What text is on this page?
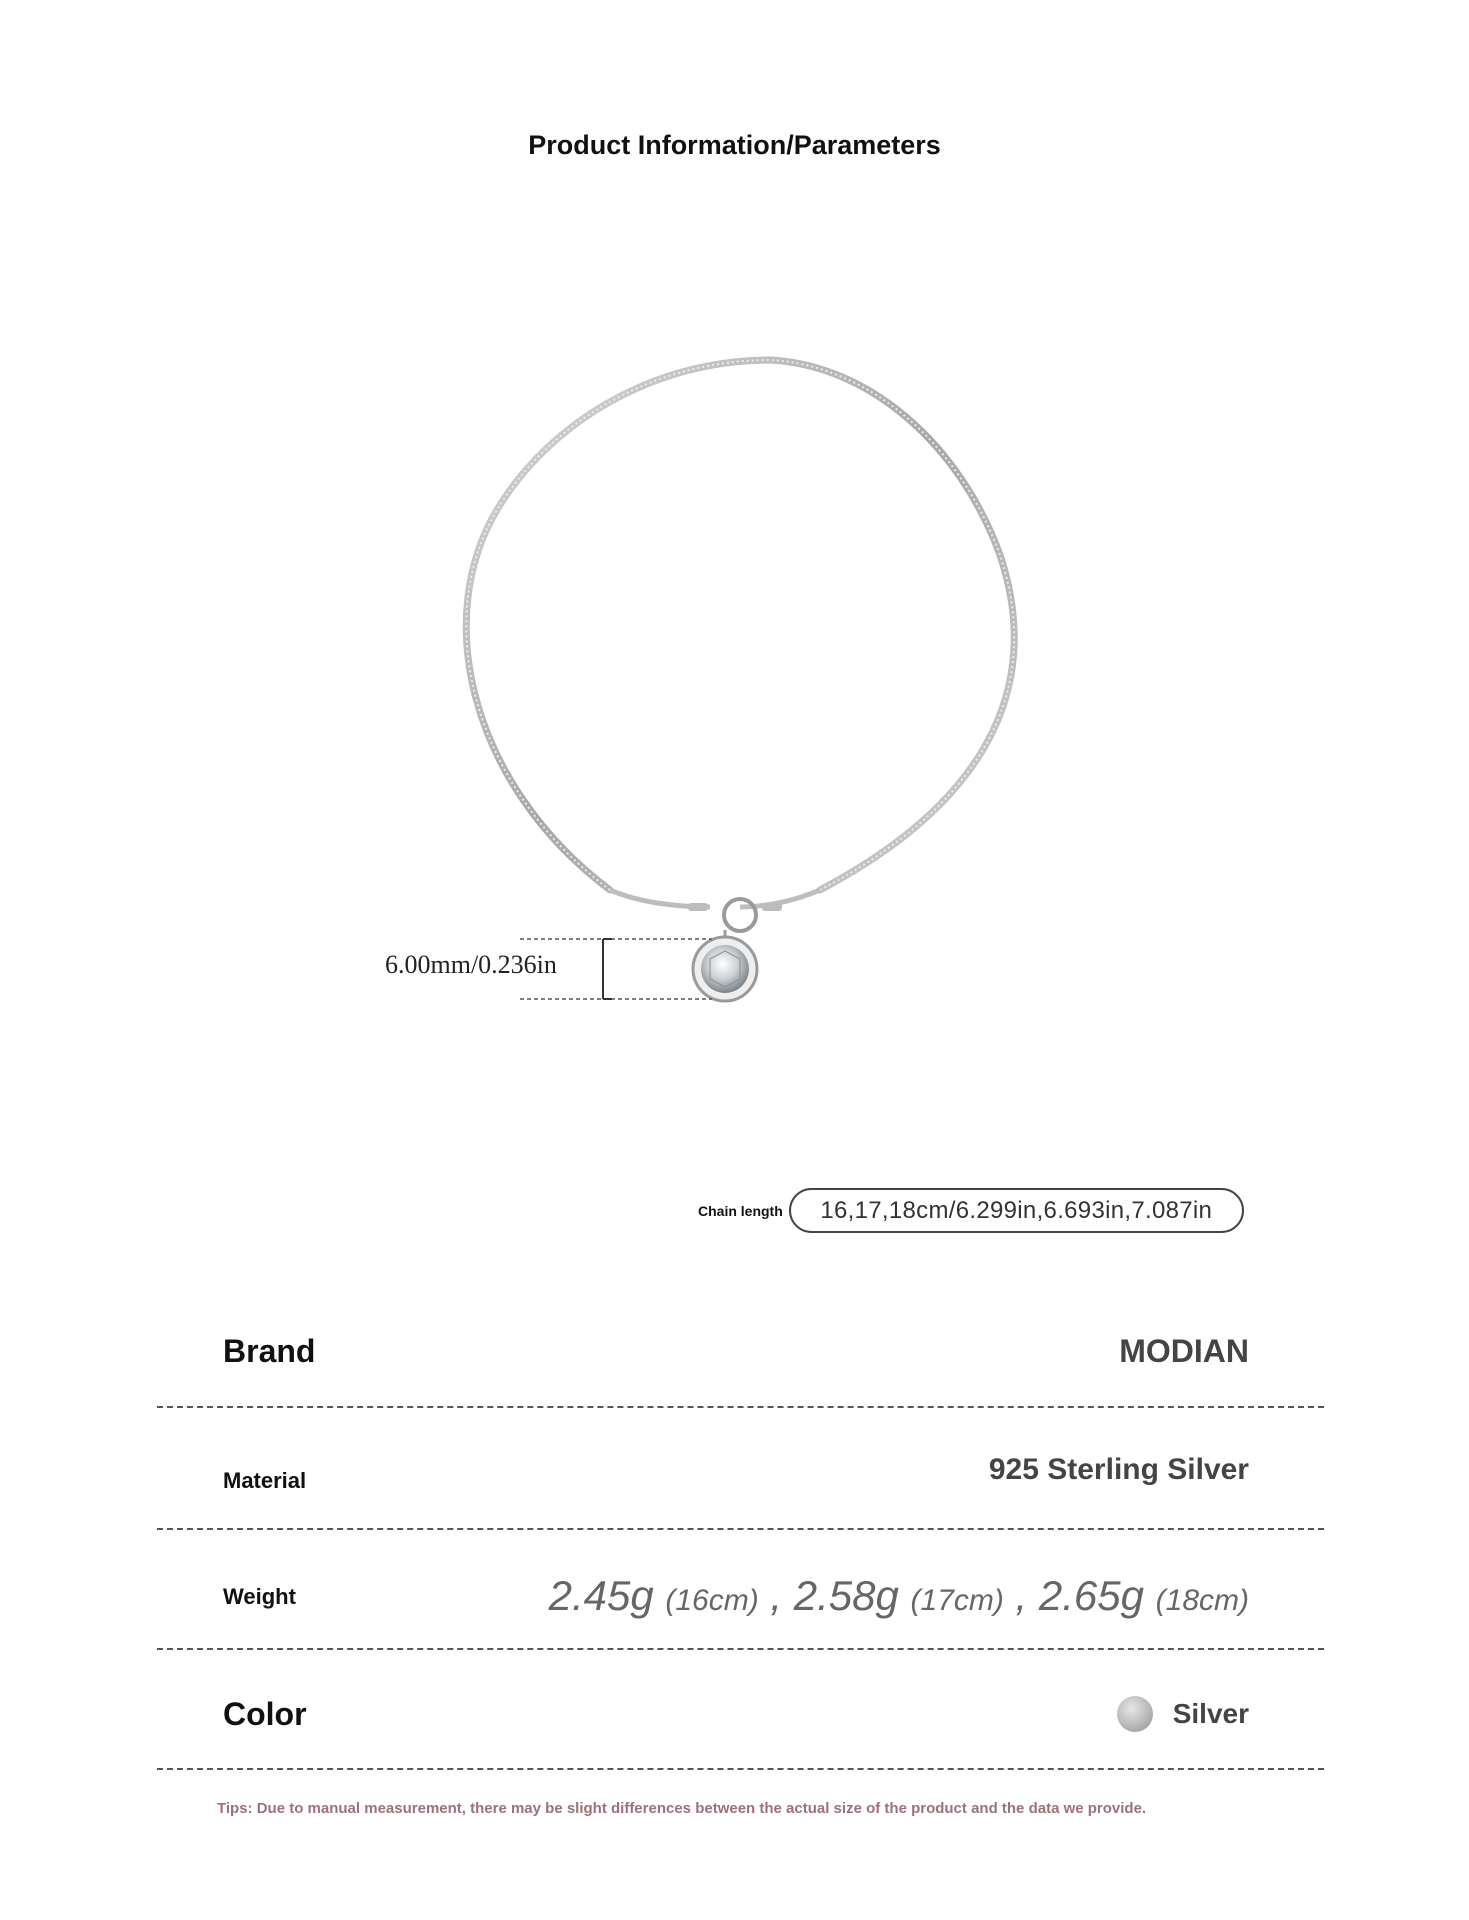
Product Information/Parameters
6.00mm/0.236in
Chain length	16,17,18cm/6.299in,6.693in,7.087in
Brand	MODIAN
Material	925 Sterling Silver
Weight	2.45g (16cm) , 2.58g (17cm) , 2.65g (18cm)
Color	Silver
Tips: Due to manual measurement, there may be slight differences between the actual size of the product and the data we provide.
